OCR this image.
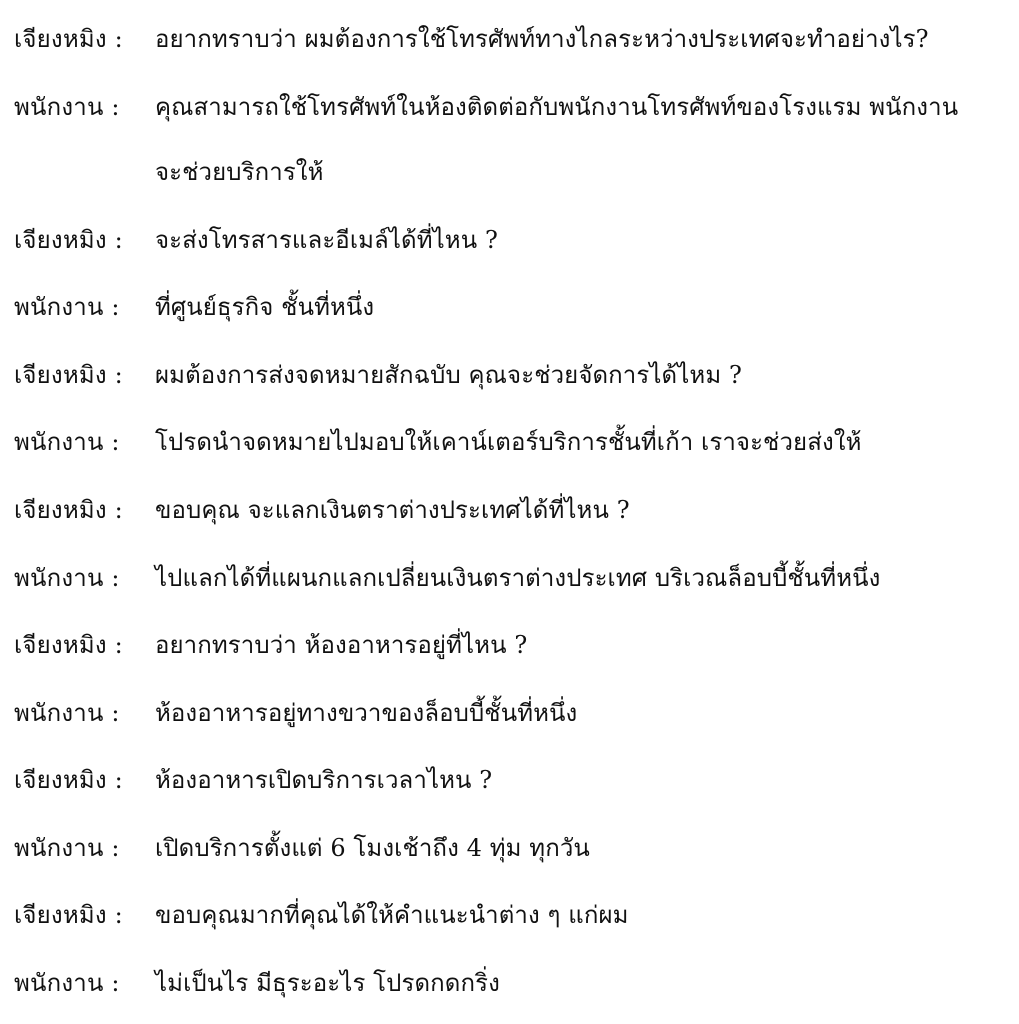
เจียงหมิง : อยากทราบว่า ผมต้องการใช้โทรศัพท์ทางไกลระหว่างประเทศจะทำอย่างไร?
พนักงาน : คุณสามารถใช้โทรศัพท์ในห้องติดต่อกับพนักงานโทรศัพท์ของโรงแรม พนักงาน
จะช่วยบริการให้
เจียงหมิง : จะส่งโทรสารและอีเมล์ได้ที่ไหน ?
พนักงาน : ที่ศูนย์ธุรกิจ ชั้นที่หนึ่ง
เจียงหมิง : ผมต้องการส่งจดหมายสักฉบับ คุณจะช่วยจัดการได้ไหม ?
พนักงาน : โปรดนำจดหมายไปมอบให้เคาน์เตอร์บริการชั้นที่เก้า เราจะช่วยส่งให้
เจียงหมิง : ขอบคุณ จะแลกเงินตราต่างประเทศได้ที่ไหน ?
พนักงาน : ไปแลกได้ที่แผนกแลกเปลี่ยนเงินตราต่างประเทศ บริเวณล็อบบี้ชั้นที่หนึ่ง
เจียงหมิง : อยากทราบว่า ห้องอาหารอยู่ที่ไหน ?
พนักงาน : ห้องอาหารอยู่ทางขวาของล็อบบี้ชั้นที่หนึ่ง
เจียงหมิง : ห้องอาหารเปิดบริการเวลาไหน ?
พนักงาน : เปิดบริการตั้งแต่ 6 โมงเช้าถึง 4 ทุ่ม ทุกวัน
เจียงหมิง : ขอบคุณมากที่คุณได้ให้คำแนะนำต่าง ๆ แก่ผม
พนักงาน : ไม่เป็นไร มีธุระอะไร โปรดกดกริ่ง
